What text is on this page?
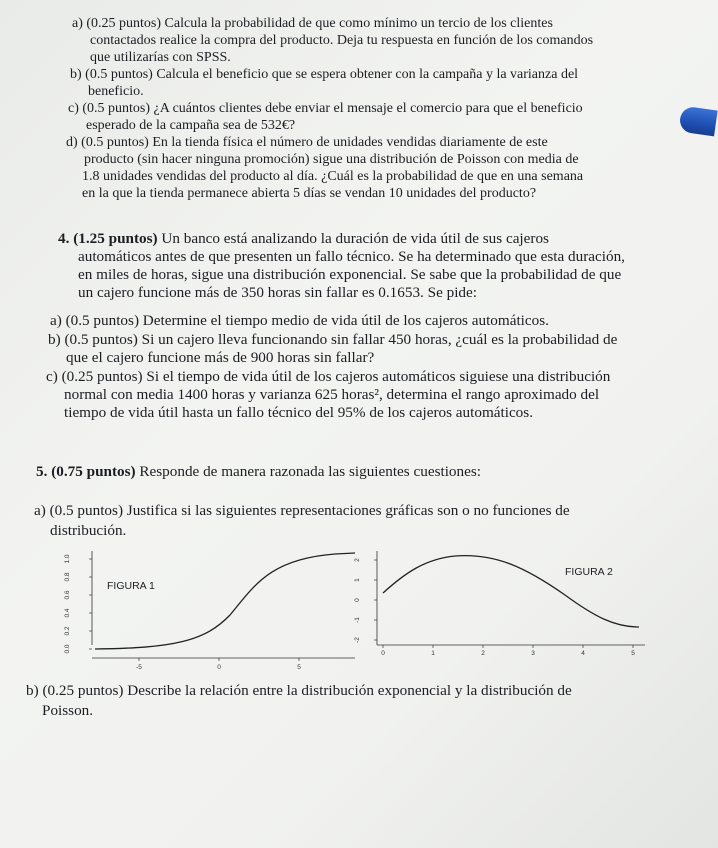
a) (0.25 puntos) Calcula la probabilidad de que como mínimo un tercio de los clientes
contactados realice la compra del producto. Deja tu respuesta en función de los comandos
que utilizarías con SPSS.
b) (0.5 puntos) Calcula el beneficio que se espera obtener con la campaña y la varianza del
beneficio.
c) (0.5 puntos) ¿A cuántos clientes debe enviar el mensaje el comercio para que el beneficio
esperado de la campaña sea de 532€?
d) (0.5 puntos) En la tienda física el número de unidades vendidas diariamente de este
producto (sin hacer ninguna promoción) sigue una distribución de Poisson con media de
1.8 unidades vendidas del producto al día. ¿Cuál es la probabilidad de que en una semana
en la que la tienda permanece abierta 5 días se vendan 10 unidades del producto?
4. (1.25 puntos) Un banco está analizando la duración de vida útil de sus cajeros
automáticos antes de que presenten un fallo técnico. Se ha determinado que esta duración,
en miles de horas, sigue una distribución exponencial. Se sabe que la probabilidad de que
un cajero funcione más de 350 horas sin fallar es 0.1653. Se pide:
a) (0.5 puntos) Determine el tiempo medio de vida útil de los cajeros automáticos.
b) (0.5 puntos) Si un cajero lleva funcionando sin fallar 450 horas, ¿cuál es la probabilidad de
que el cajero funcione más de 900 horas sin fallar?
c) (0.25 puntos) Si el tiempo de vida útil de los cajeros automáticos siguiese una distribución
normal con media 1400 horas y varianza 625 horas², determina el rango aproximado del
tiempo de vida útil hasta un fallo técnico del 95% de los cajeros automáticos.
5. (0.75 puntos) Responde de manera razonada las siguientes cuestiones:
a) (0.5 puntos) Justifica si las siguientes representaciones gráficas son o no funciones de
distribución.
0.0
0.2
0.4
0.6
0.8
1.0
-5	0	5
FIGURA 1
-2
-1
0
1
2
0	1	2	3	4	5
FIGURA 2
b) (0.25 puntos) Describe la relación entre la distribución exponencial y la distribución de
Poisson.
